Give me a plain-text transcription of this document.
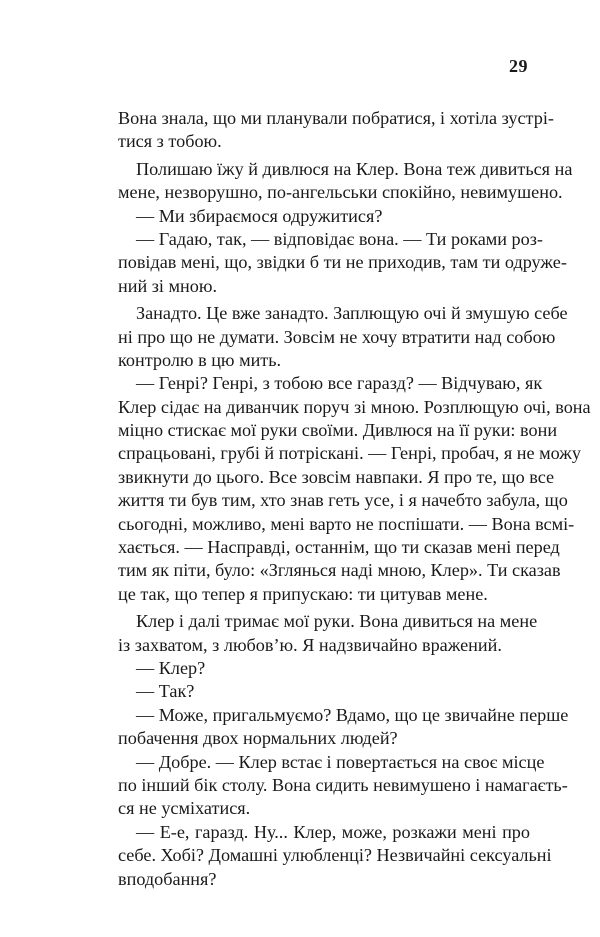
29
Вона знала, що ми планували побратися, і хотіла зустрі-
тися з тобою.
Полишаю їжу й дивлюся на Клер. Вона теж дивиться на
мене, незворушно, по-ангельськи спокійно, невимушено.
— Ми збираємося одружитися?
— Гадаю, так, — відповідає вона. — Ти роками роз-
повідав мені, що, звідки б ти не приходив, там ти одруже-
ний зі мною.
Занадто. Це вже занадто. Заплющую очі й змушую себе
ні про що не думати. Зовсім не хочу втратити над собою
контролю в цю мить.
— Генрі? Генрі, з тобою все гаразд? — Відчуваю, як
Клер сідає на диванчик поруч зі мною. Розплющую очі, вона
міцно стискає мої руки своїми. Дивлюся на її руки: вони
спрацьовані, грубі й потріскані. — Генрі, пробач, я не можу
звикнути до цього. Все зовсім навпаки. Я про те, що все
життя ти був тим, хто знав геть усе, і я начебто забула, що
сьогодні, можливо, мені варто не поспішати. — Вона всмі-
хається. — Насправді, останнім, що ти сказав мені перед
тим як піти, було: «Зглянься наді мною, Клер». Ти сказав
це так, що тепер я припускаю: ти цитував мене.
Клер і далі тримає мої руки. Вона дивиться на мене
із захватом, з любов’ю. Я надзвичайно вражений.
— Клер?
— Так?
— Може, пригальмуємо? Вдамо, що це звичайне перше
побачення двох нормальних людей?
— Добре. — Клер встає і повертається на своє місце
по інший бік столу. Вона сидить невимушено і намагаєть-
ся не усміхатися.
— Е-е, гаразд. Ну... Клер, може, розкажи мені про
себе. Хобі? Домашні улюбленці? Незвичайні сексуальні
вподобання?
